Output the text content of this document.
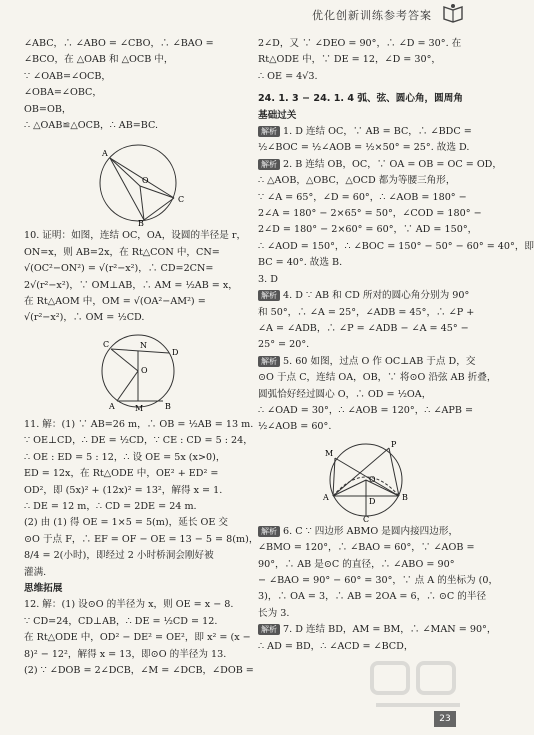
优化创新训练参考答案

∠ABC，∴ ∠ABO = ∠CBO，∴ ∠BAO =

∠BCO，在 △OAB 和 △OCB 中，

∵ ∠OAB=∠OCB，

∠OBA=∠OBC，

OB=OB，

∴ △OAB≌△OCB，∴ AB=BC.

A
C
O
B

10. 证明：如图，连结 OC，OA，设圆的半径是 r，

ON=x，则 AB=2x，在 Rt△CON 中，CN=

√(OC²−ON²) = √(r²−x²)，∴ CD=2CN=

2√(r²−x²)，∵ OM⊥AB，∴ AM = ½AB = x，

在 Rt△AOM 中，OM = √(OA²−AM²) =

√(r²−x²)，∴ OM = ½CD.

C	N
D
O
A	M	B

11. 解：(1) ∵ AB=26 m，∴ OB = ½AB = 13 m.

∵ OE⊥CD，∴ DE = ½CD，∵ CE : CD = 5 : 24，

∴ OE : ED = 5 : 12，∴ 设 OE = 5x (x>0)，

ED = 12x，在 Rt△ODE 中，OE² + ED² =

OD²，即 (5x)² + (12x)² = 13²，解得 x = 1.

∴ DE = 12 m，∴ CD = 2DE = 24 m.

(2) 由 (1) 得 OE = 1×5 = 5(m)，延长 OE 交

⊙O 于点 F，∴ EF = OF − OE = 13 − 5 = 8(m)，

8/4 = 2(小时)，即经过 2 小时桥洞会刚好被

灌满.

思维拓展

12. 解：(1) 设⊙O 的半径为 x，则 OE = x − 8.

∵ CD=24，CD⊥AB，∴ DE = ½CD = 12.

在 Rt△ODE 中，OD² − DE² = OE²，即 x² = (x −

8)² − 12²，解得 x = 13，即⊙O 的半径为 13.

(2) ∵ ∠DOB = 2∠DCB，∠M = ∠DCB，∠DOB =

2∠D，又 ∵ ∠DEO = 90°，∴ ∠D = 30°. 在

Rt△ODE 中，∵ DE = 12，∠D = 30°，

∴ OE = 4√3.

24. 1. 3 − 24. 1. 4 弧、弦、圆心角，圆周角

基础过关

解析 1. D 连结 OC，∵ AB = BC，∴ ∠BDC =

½∠BOC = ½∠AOB = ½×50° = 25°. 故选 D.

解析 2. B 连结 OB，OC，∵ OA = OB = OC = OD，

∴ △AOB，△OBC，△OCD 都为等腰三角形，

∵ ∠A = 65°，∠D = 60°，∴ ∠AOB = 180° −

2∠A = 180° − 2×65° = 50°，∠COD = 180° −

2∠D = 180° − 2×60° = 60°，∵ AD = 150°，

∴ ∠AOD = 150°，∴ ∠BOC = 150° − 50° − 60° = 40°，即

BC = 40°. 故选 B.

3. D

解析 4. D ∵ AB 和 CD 所对的圆心角分别为 90°

和 50°，∴ ∠A = 25°，∠ADB = 45°，∴ ∠P +

∠A = ∠ADB，∴ ∠P = ∠ADB − ∠A = 45° −

25° = 20°.

解析 5. 60 如图，过点 O 作 OC⊥AB 于点 D，交

⊙O 于点 C，连结 OA，OB，∵ 将⊙O 沿弦 AB 折叠，

圆弧恰好经过圆心 O，∴ OD = ½OA，

∴ ∠OAD = 30°，∴ ∠AOB = 120°，∴ ∠APB =

½∠AOB = 60°.

M
P
A
O
D	B
C

解析 6. C ∵ 四边形 ABMO 是圆内接四边形，

∠BMO = 120°，∴ ∠BAO = 60°，∵ ∠AOB =

90°，∴ AB 是⊙C 的直径，∴ ∠ABO = 90°

− ∠BAO = 90° − 60° = 30°，∵ 点 A 的坐标为 (0，

3)，∴ OA = 3，∴ AB = 2OA = 6，∴ ⊙C 的半径

长为 3.

解析 7. D 连结 BD，AM = BM，∴ ∠MAN = 90°，

∴ AD = BD，∴ ∠ACD = ∠BCD，

23
